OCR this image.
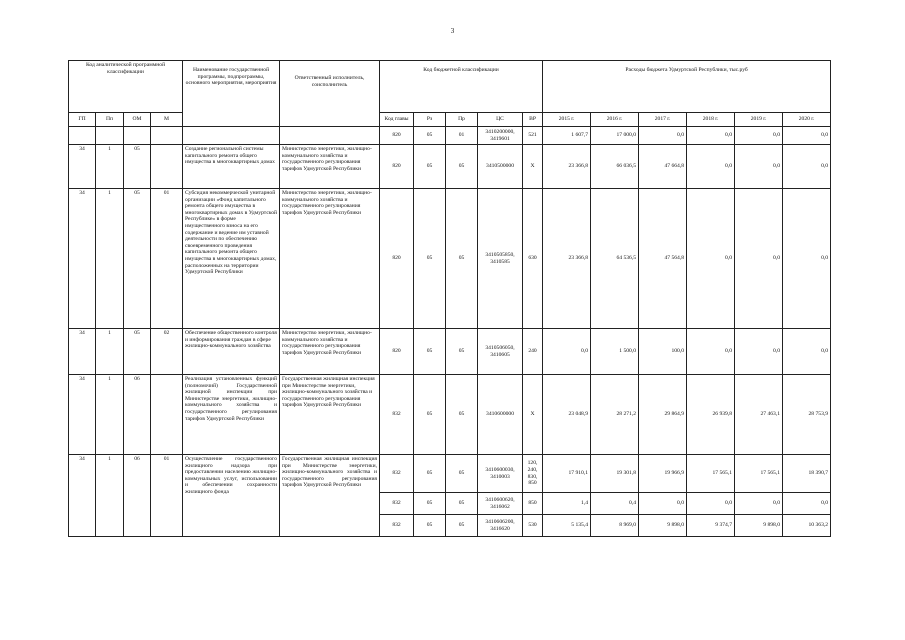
3
Код аналитической программной классификации				Наименование государственной программы, подпрограммы, основного мероприятия, мероприятия	Ответственный исполнитель, соисполнитель	Код бюджетной классификации					Расходы бюджета Удмуртской Республики, тыс.руб					
ГП	Пп	ОМ	М			Код главы	Рз	Пр	ЦС	ВР	2015 г.	2016 г.	2017 г.	2018 г.	2019 г.	2020 г.
						820	05	01	3410200000, 3419601	521	1 607,7	17 000,0	0,0	0,0	0,0	0,0
34	1	05		Создание региональной системы капитального ремонта общего имущества в многоквартирных домах	Министерство энергетики, жилищно-коммунального хозяйства и государственного регулирования тарифов Удмуртской Республики	820	05	05	3410500000	X	23 366,8	66 036,5	47 664,8	0,0	0,0	0,0
34	1	05	01	Субсидия некоммерческой унитарной организации «Фонд капитального ремонта общего имущества в многоквартирных домах в Удмуртской Республике» в форме имущественного взноса на его содержание и ведение им уставной деятельности по обеспечению своевременного проведения капитального ремонта общего имущества в многоквартирных домах, расположенных на территории Удмуртской Республики	Министерство энергетики, жилищно-коммунального хозяйства и государственного регулирования тарифов Удмуртской Республики	820	05	05	3410505850, 3410585	630	23 366,8	64 536,5	47 564,8	0,0	0,0	0,0
34	1	05	02	Обеспечение общественного контроля и информирования граждан в сфере жилищно-коммунального хозяйства	Министерство энергетики, жилищно-коммунального хозяйства и государственного регулирования тарифов Удмуртской Республики	820	05	05	3410506050, 3410605	240	0,0	1 500,0	100,0	0,0	0,0	0,0
34	1	06		Реализация установленных функций (полномочий) Государственной жилищной инспекции при Министерстве энергетики, жилищно-коммунального хозяйства и государственного регулирования тарифов Удмуртской Республики	Государственная жилищная инспекция при Министерстве энергетики, жилищно-коммунального хозяйства и государственного регулирования тарифов Удмуртской Республики	832	05	05	3410600000	X	23 048,9	28 271,2	29 864,9	26 939,8	27 463,1	28 753,9
34	1	06	01	Осуществление государственного жилищного надзора при предоставлении населению жилищно-коммунальных услуг, использовании и обеспечении сохранности жилищного фонда	Государственная жилищная инспекция при Министерстве энергетики, жилищно-коммунального хозяйства и государственного регулирования тарифов Удмуртской Республики	832	05	05	3410600030, 3410003	120, 240, 830, 850	17 910,1	19 301,8	19 966,9	17 565,1	17 565,1	18 390,7
						832	05	05	3410600620, 3416062	850	1,4	0,4	0,0	0,0	0,0	0,0
						832	05	05	3410606200, 3416620	530	5 135,4	8 969,0	9 898,0	9 374,7	9 898,0	10 363,2
